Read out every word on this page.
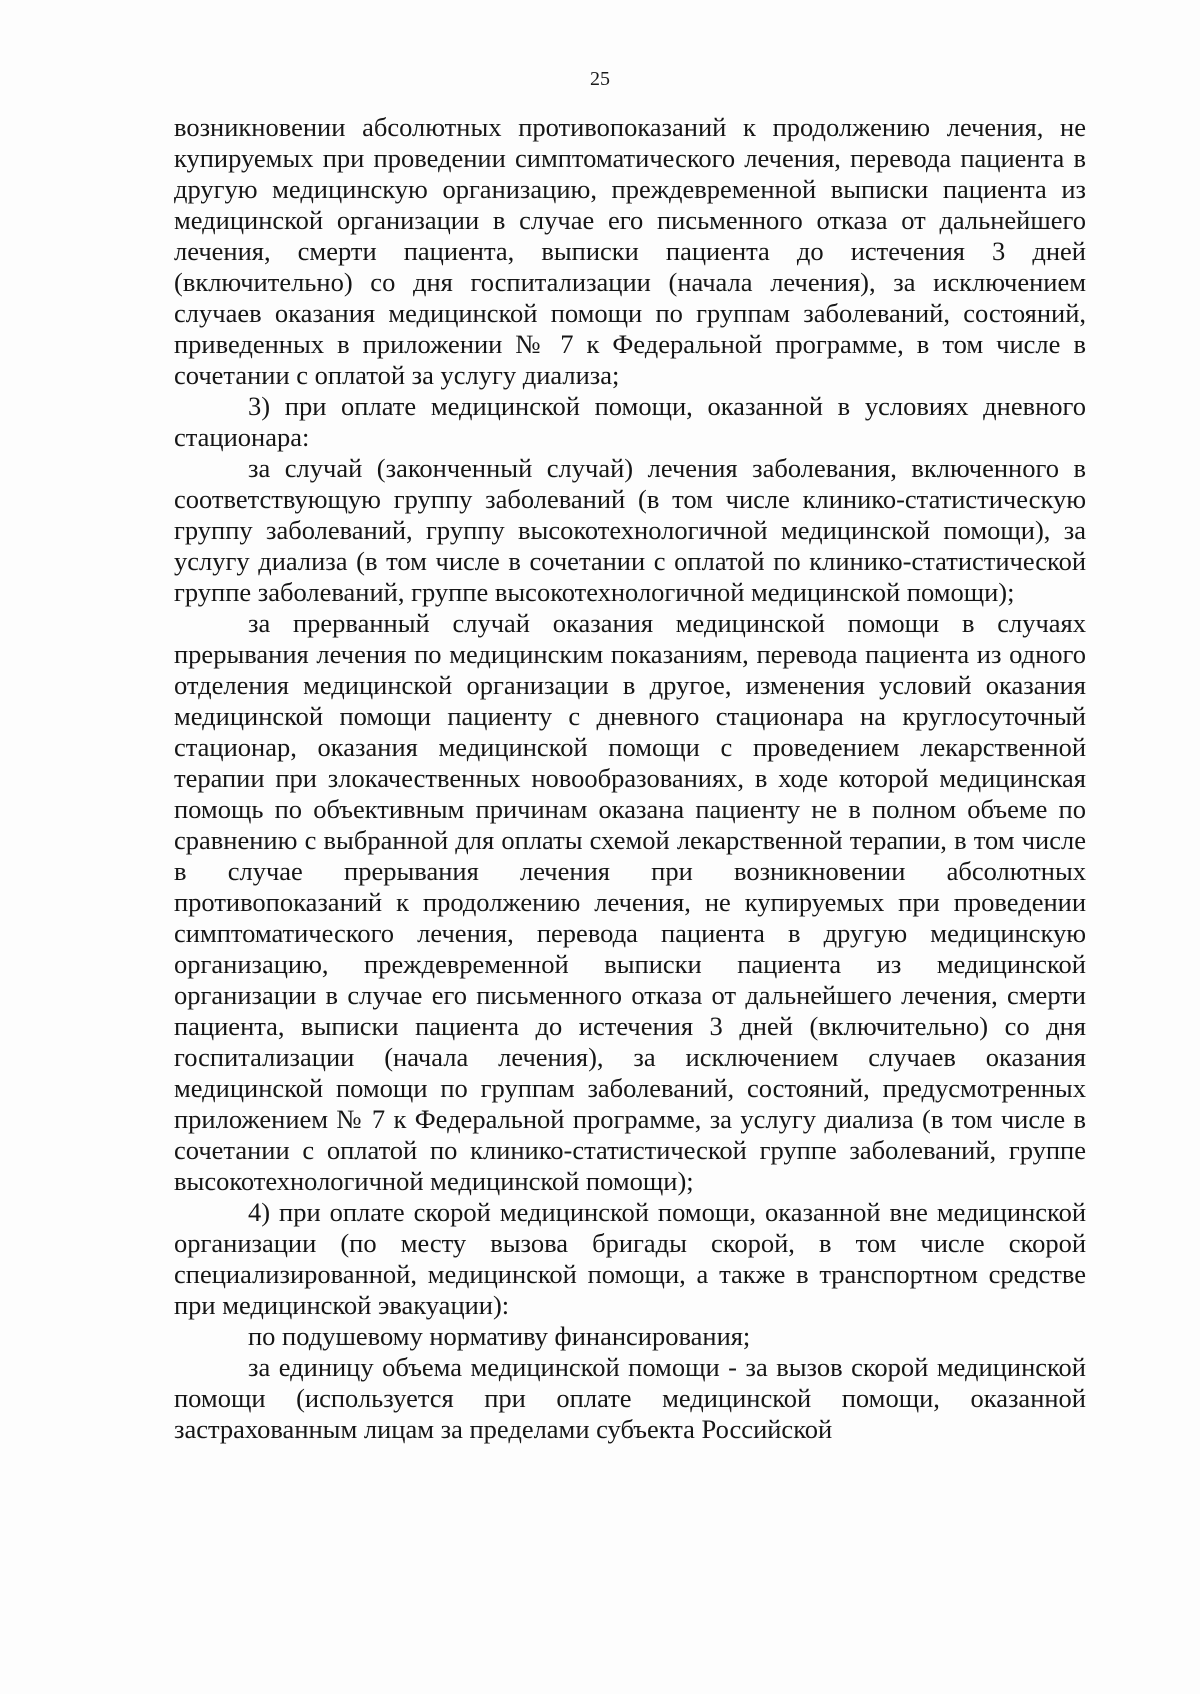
25

возникновении абсолютных противопоказаний к продолжению лечения, не купируемых при проведении симптоматического лечения, перевода пациента в другую медицинскую организацию, преждевременной выписки пациента из медицинской организации в случае его письменного отказа от дальнейшего лечения, смерти пациента, выписки пациента до истечения 3 дней (включительно) со дня госпитализации (начала лечения), за исключением случаев оказания медицинской помощи по группам заболеваний, состояний, приведенных в приложении № 7 к Федеральной программе, в том числе в сочетании с оплатой за услугу диализа;

3) при оплате медицинской помощи, оказанной в условиях дневного стационара:

за случай (законченный случай) лечения заболевания, включенного в соответствующую группу заболеваний (в том числе клинико-статистическую группу заболеваний, группу высокотехнологичной медицинской помощи), за услугу диализа (в том числе в сочетании с оплатой по клинико-статистической группе заболеваний, группе высокотехнологичной медицинской помощи);

за прерванный случай оказания медицинской помощи в случаях прерывания лечения по медицинским показаниям, перевода пациента из одного отделения медицинской организации в другое, изменения условий оказания медицинской помощи пациенту с дневного стационара на круглосуточный стационар, оказания медицинской помощи с проведением лекарственной терапии при злокачественных новообразованиях, в ходе которой медицинская помощь по объективным причинам оказана пациенту не в полном объеме по сравнению с выбранной для оплаты схемой лекарственной терапии, в том числе в случае прерывания лечения при возникновении абсолютных противопоказаний к продолжению лечения, не купируемых при проведении симптоматического лечения, перевода пациента в другую медицинскую организацию, преждевременной выписки пациента из медицинской организации в случае его письменного отказа от дальнейшего лечения, смерти пациента, выписки пациента до истечения 3 дней (включительно) со дня госпитализации (начала лечения), за исключением случаев оказания медицинской помощи по группам заболеваний, состояний, предусмотренных приложением № 7 к Федеральной программе, за услугу диализа (в том числе в сочетании с оплатой по клинико-статистической группе заболеваний, группе высокотехнологичной медицинской помощи);

4) при оплате скорой медицинской помощи, оказанной вне медицинской организации (по месту вызова бригады скорой, в том числе скорой специализированной, медицинской помощи, а также в транспортном средстве при медицинской эвакуации):

по подушевому нормативу финансирования;

за единицу объема медицинской помощи - за вызов скорой медицинской помощи (используется при оплате медицинской помощи, оказанной застрахованным лицам за пределами субъекта Российской
